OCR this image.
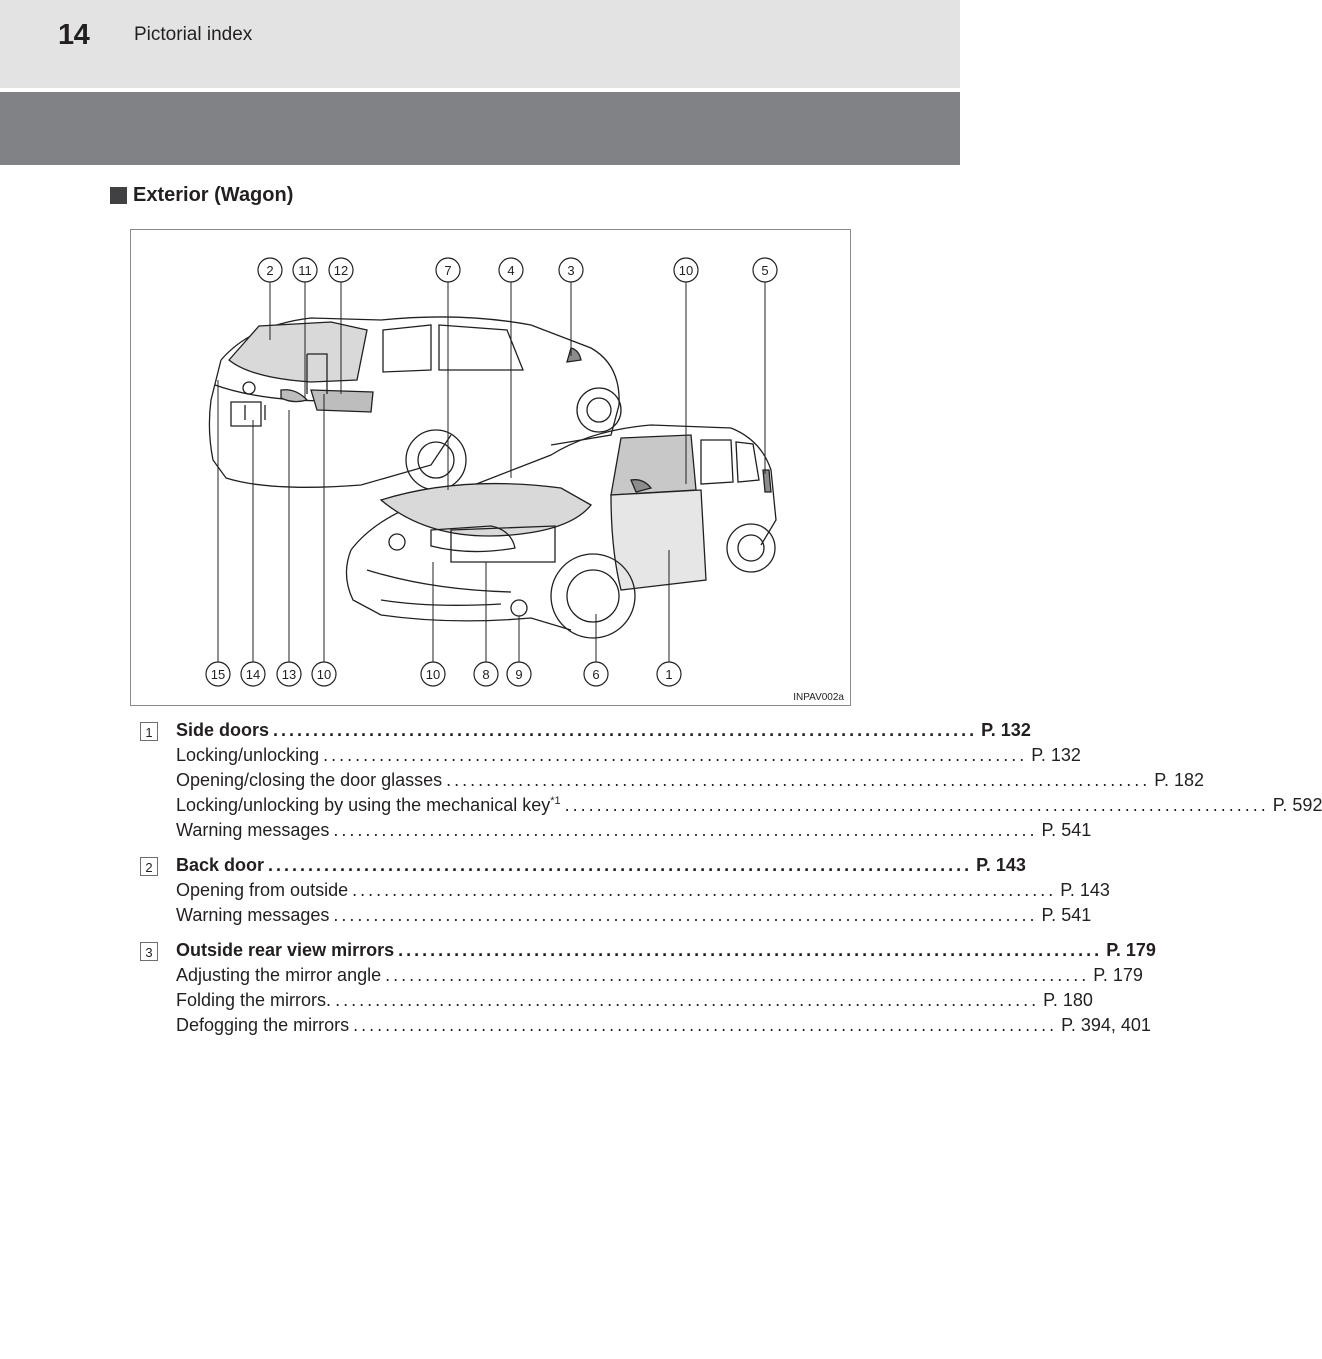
14 Pictorial index
Exterior (Wagon)
2 11 12	7	4	3	10	5
15 14 13 10	10	8 9	6	1
INPAV002a
1 Side doors ........................................................................................ P. 132
Locking/unlocking ........................................................................................ P. 132
Opening/closing the door glasses ........................................................................................ P. 182
Locking/unlocking by using the mechanical key$^{*1}$ ........................................................................................ P. 592
Warning messages ........................................................................................ P. 541
2 Back door ........................................................................................ P. 143
Opening from outside ........................................................................................ P. 143
Warning messages ........................................................................................ P. 541
3 Outside rear view mirrors ........................................................................................ P. 179
Adjusting the mirror angle ........................................................................................ P. 179
Folding the mirrors. ........................................................................................ P. 180
Defogging the mirrors ........................................................................................ P. 394, 401
